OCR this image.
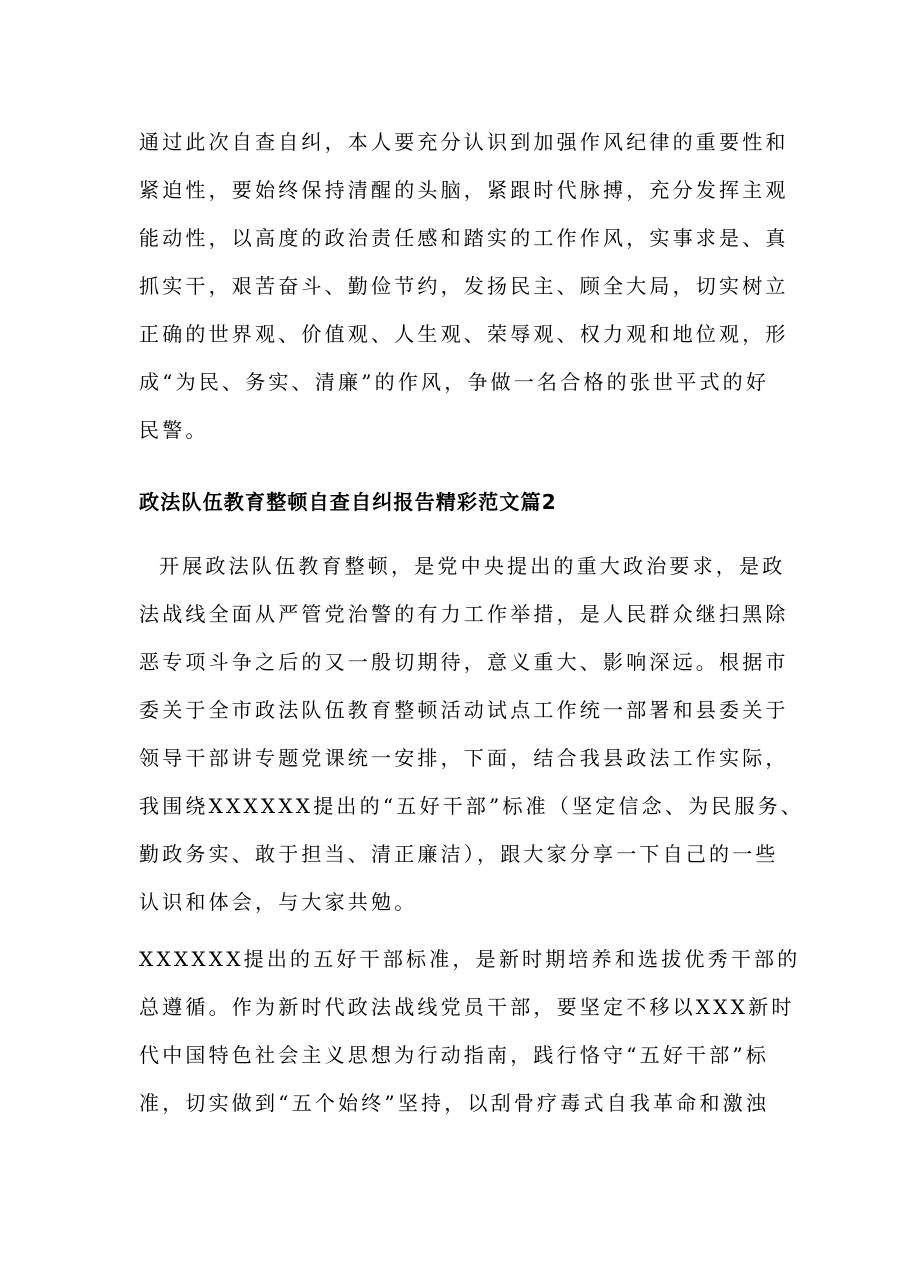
通过此次自查自纠，本人要充分认识到加强作风纪律的重要性和
紧迫性，要始终保持清醒的头脑，紧跟时代脉搏，充分发挥主观
能动性，以高度的政治责任感和踏实的工作作风，实事求是、真
抓实干，艰苦奋斗、勤俭节约，发扬民主、顾全大局，切实树立
正确的世界观、价值观、人生观、荣辱观、权力观和地位观，形
成“为民、务实、清廉”的作风，争做一名合格的张世平式的好
民警。
政法队伍教育整顿自查自纠报告精彩范文篇2
开展政法队伍教育整顿，是党中央提出的重大政治要求，是政
法战线全面从严管党治警的有力工作举措，是人民群众继扫黑除
恶专项斗争之后的又一殷切期待，意义重大、影响深远。根据市
委关于全市政法队伍教育整顿活动试点工作统一部署和县委关于
领导干部讲专题党课统一安排，下面，结合我县政法工作实际，
我围绕XXXXXX提出的“五好干部”标准（坚定信念、为民服务、
勤政务实、敢于担当、清正廉洁），跟大家分享一下自己的一些
认识和体会，与大家共勉。
XXXXXX提出的五好干部标准，是新时期培养和选拔优秀干部的
总遵循。作为新时代政法战线党员干部，要坚定不移以XXX新时
代中国特色社会主义思想为行动指南，践行恪守“五好干部”标
准，切实做到“五个始终”坚持，以刮骨疗毒式自我革命和激浊
